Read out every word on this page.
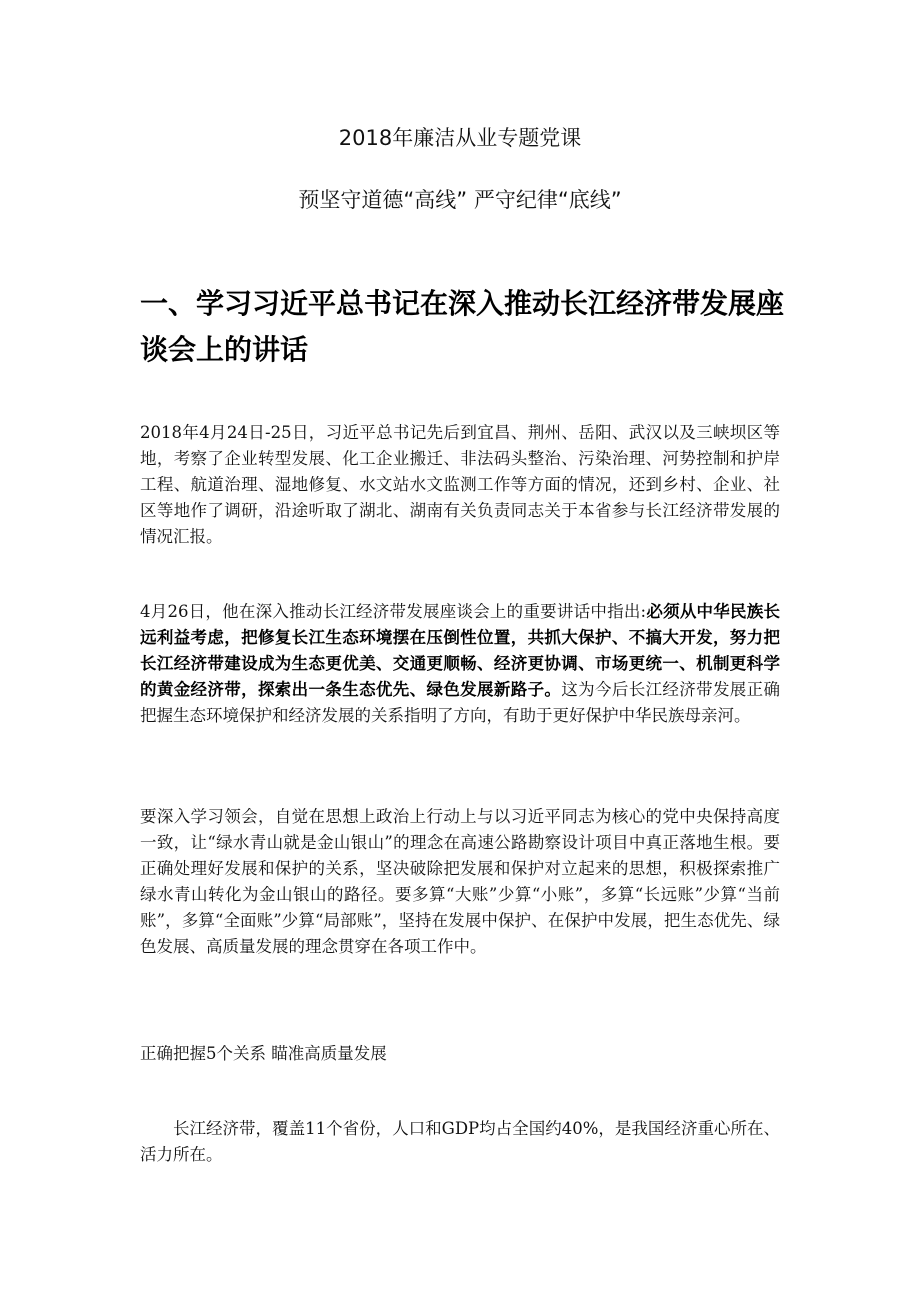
2018年廉洁从业专题党课
预坚守道德“高线” 严守纪律“底线”
一、学习习近平总书记在深入推动长江经济带发展座谈会上的讲话
2018年4月24日-25日，习近平总书记先后到宜昌、荆州、岳阳、武汉以及三峡坝区等地，考察了企业转型发展、化工企业搬迁、非法码头整治、污染治理、河势控制和护岸工程、航道治理、湿地修复、水文站水文监测工作等方面的情况，还到乡村、企业、社区等地作了调研，沿途听取了湖北、湖南有关负责同志关于本省参与长江经济带发展的情况汇报。
4月26日，他在深入推动长江经济带发展座谈会上的重要讲话中指出:必须从中华民族长远利益考虑，把修复长江生态环境摆在压倒性位置，共抓大保护、不搞大开发，努力把长江经济带建设成为生态更优美、交通更顺畅、经济更协调、市场更统一、机制更科学的黄金经济带，探索出一条生态优先、绿色发展新路子。这为今后长江经济带发展正确把握生态环境保护和经济发展的关系指明了方向，有助于更好保护中华民族母亲河。
要深入学习领会，自觉在思想上政治上行动上与以习近平同志为核心的党中央保持高度一致，让“绿水青山就是金山银山”的理念在高速公路勘察设计项目中真正落地生根。要正确处理好发展和保护的关系，坚决破除把发展和保护对立起来的思想，积极探索推广绿水青山转化为金山银山的路径。要多算“大账”少算“小账”，多算“长远账”少算“当前账”，多算“全面账”少算“局部账”，坚持在发展中保护、在保护中发展，把生态优先、绿色发展、高质量发展的理念贯穿在各项工作中。
正确把握5个关系 瞄准高质量发展
长江经济带，覆盖11个省份，人口和GDP均占全国约40%，是我国经济重心所在、活力所在。
